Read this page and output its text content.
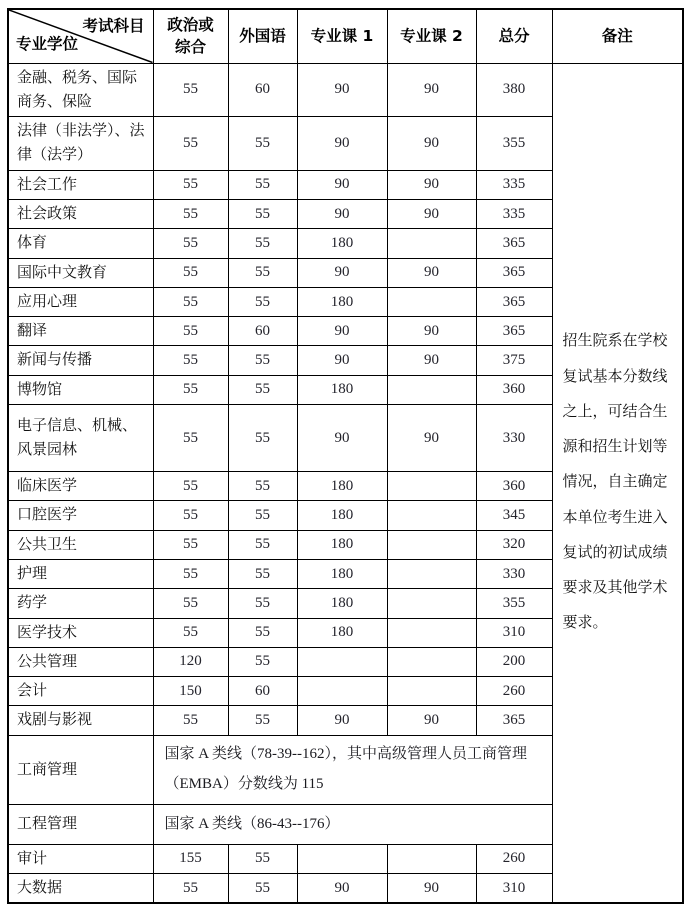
考试科目
专业学位	政治或综合	外国语	专业课 1	专业课 2	总分	备注
金融、税务、国际商务、保险	55	60	90	90	380	招生院系在学校复试基本分数线之上，可结合生源和招生计划等情况，自主确定本单位考生进入复试的初试成绩要求及其他学术要求。

法律（非法学）、法律（法学）	55	55	90	90	355	
社会工作	55	55	90	90	335	
社会政策	55	55	90	90	335	
体育	55	55	180		365	
国际中文教育	55	55	90	90	365	
应用心理	55	55	180		365	
翻译	55	60	90	90	365	
新闻与传播	55	55	90	90	375	
博物馆	55	55	180		360	
电子信息、机械、风景园林	55	55	90	90	330	
临床医学	55	55	180		360	
口腔医学	55	55	180		345	
公共卫生	55	55	180		320	
护理	55	55	180		330	
药学	55	55	180		355	
医学技术	55	55	180		310	
公共管理	120	55			200	
会计	150	60			260	
戏剧与影视	55	55	90	90	365	
工商管理	国家 A 类线（78-39--162），其中高级管理人员工商管理（EMBA）分数线为 115					
工程管理	国家 A 类线（86-43--176）					
审计	155	55			260	
大数据	55	55	90	90	310	
